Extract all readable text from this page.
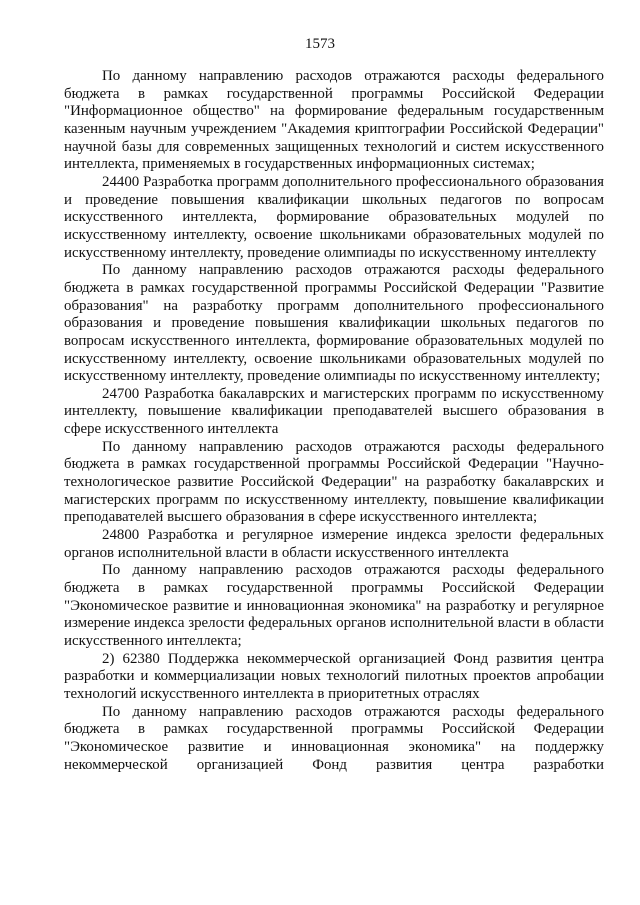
1573

По данному направлению расходов отражаются расходы федерального бюджета в рамках государственной программы Российской Федерации "Информационное общество" на формирование федеральным государственным казенным научным учреждением "Академия криптографии Российской Федерации" научной базы для современных защищенных технологий и систем искусственного интеллекта, применяемых в государственных информационных системах;

24400 Разработка программ дополнительного профессионального образования и проведение повышения квалификации школьных педагогов по вопросам искусственного интеллекта, формирование образовательных модулей по искусственному интеллекту, освоение школьниками образовательных модулей по искусственному интеллекту, проведение олимпиады по искусственному интеллекту

По данному направлению расходов отражаются расходы федерального бюджета в рамках государственной программы Российской Федерации "Развитие образования" на разработку программ дополнительного профессионального образования и проведение повышения квалификации школьных педагогов по вопросам искусственного интеллекта, формирование образовательных модулей по искусственному интеллекту, освоение школьниками образовательных модулей по искусственному интеллекту, проведение олимпиады по искусственному интеллекту;

24700 Разработка бакалаврских и магистерских программ по искусственному интеллекту, повышение квалификации преподавателей высшего образования в сфере искусственного интеллекта

По данному направлению расходов отражаются расходы федерального бюджета в рамках государственной программы Российской Федерации "Научно-технологическое развитие Российской Федерации" на разработку бакалаврских и магистерских программ по искусственному интеллекту, повышение квалификации преподавателей высшего образования в сфере искусственного интеллекта;

24800 Разработка и регулярное измерение индекса зрелости федеральных органов исполнительной власти в области искусственного интеллекта

По данному направлению расходов отражаются расходы федерального бюджета в рамках государственной программы Российской Федерации "Экономическое развитие и инновационная экономика" на разработку и регулярное измерение индекса зрелости федеральных органов исполнительной власти в области искусственного интеллекта;

2) 62380 Поддержка некоммерческой организацией Фонд развития центра разработки и коммерциализации новых технологий пилотных проектов апробации технологий искусственного интеллекта в приоритетных отраслях

По данному направлению расходов отражаются расходы федерального бюджета в рамках государственной программы Российской Федерации "Экономическое развитие и инновационная экономика" на поддержку некоммерческой организацией Фонд развития центра разработки
